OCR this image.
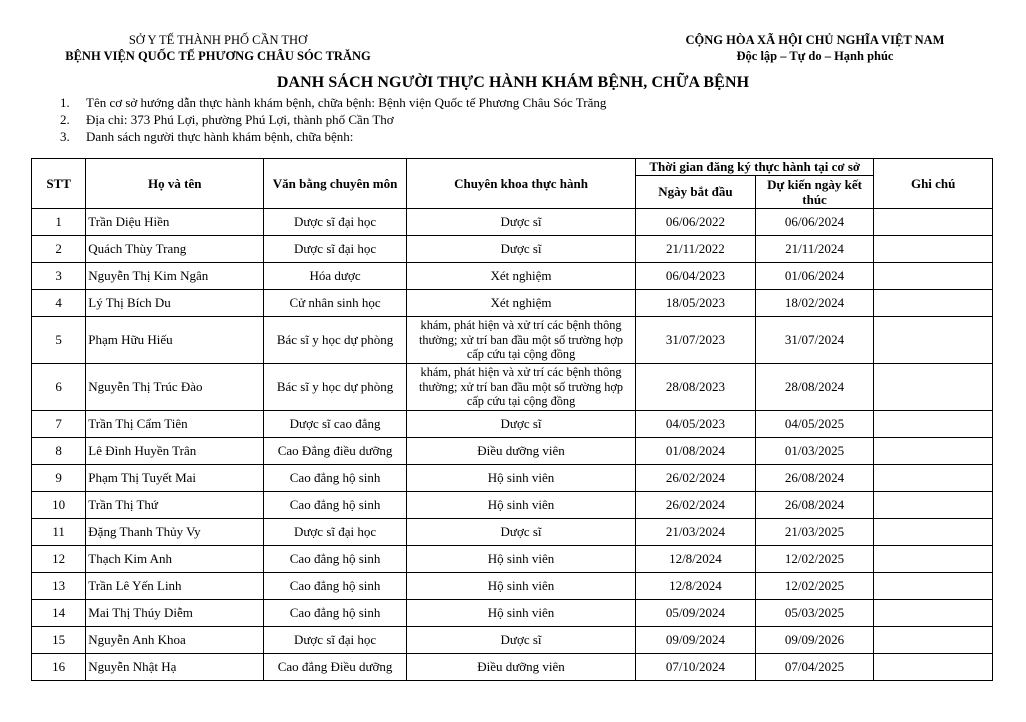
SỞ Y TẾ THÀNH PHỐ CẦN THƠ
BỆNH VIỆN QUỐC TẾ PHƯƠNG CHÂU SÓC TRĂNG
CỘNG HÒA XÃ HỘI CHỦ NGHĨA VIỆT NAM
Độc lập – Tự do – Hạnh phúc
DANH SÁCH NGƯỜI THỰC HÀNH KHÁM BỆNH, CHỮA BỆNH
1.	Tên cơ sở hướng dẫn thực hành khám bệnh, chữa bệnh: Bệnh viện Quốc tế Phương Châu Sóc Trăng
2.	Địa chỉ: 373 Phú Lợi, phường Phú Lợi, thành phố Cần Thơ
3.	Danh sách người thực hành khám bệnh, chữa bệnh:
STT	Họ và tên	Văn bằng chuyên môn	Chuyên khoa thực hành	Thời gian đăng ký thực hành tại cơ sở		Ghi chú
				Ngày bắt đầu	Dự kiến ngày kết thúc	
1	Trần Diệu Hiền	Dược sĩ đại học	Dược sĩ	06/06/2022	06/06/2024	
2	Quách Thùy Trang	Dược sĩ đại học	Dược sĩ	21/11/2022	21/11/2024	
3	Nguyễn Thị Kim Ngân	Hóa dược	Xét nghiệm	06/04/2023	01/06/2024	
4	Lý Thị Bích Du	Cử nhân sinh học	Xét nghiệm	18/05/2023	18/02/2024	
5	Phạm Hữu Hiếu	Bác sĩ y học dự phòng	khám, phát hiện và xử trí các bệnh thông thường; xử trí ban đầu một số trường hợp cấp cứu tại cộng đồng	31/07/2023	31/07/2024	
6	Nguyễn Thị Trúc Đào	Bác sĩ y học dự phòng	khám, phát hiện và xử trí các bệnh thông thường; xử trí ban đầu một số trường hợp cấp cứu tại cộng đồng	28/08/2023	28/08/2024	
7	Trần Thị Cẩm Tiên	Dược sĩ cao đẳng	Dược sĩ	04/05/2023	04/05/2025	
8	Lê Đình Huyền Trân	Cao Đẳng điều dưỡng	Điều dưỡng viên	01/08/2024	01/03/2025	
9	Phạm Thị Tuyết Mai	Cao đẳng hộ sinh	Hộ sinh viên	26/02/2024	26/08/2024	
10	Trần Thị Thứ	Cao đẳng hộ sinh	Hộ sinh viên	26/02/2024	26/08/2024	
11	Đặng Thanh Thủy Vy	Dược sĩ đại học	Dược sĩ	21/03/2024	21/03/2025	
12	Thạch Kim Anh	Cao đẳng hộ sinh	Hộ sinh viên	12/8/2024	12/02/2025	
13	Trần Lê Yến Linh	Cao đẳng hộ sinh	Hộ sinh viên	12/8/2024	12/02/2025	
14	Mai Thị Thúy Diễm	Cao đẳng hộ sinh	Hộ sinh viên	05/09/2024	05/03/2025	
15	Nguyễn Anh Khoa	Dược sĩ đại học	Dược sĩ	09/09/2024	09/09/2026	
16	Nguyễn Nhật Hạ	Cao đẳng Điều dưỡng	Điều dưỡng viên	07/10/2024	07/04/2025	
